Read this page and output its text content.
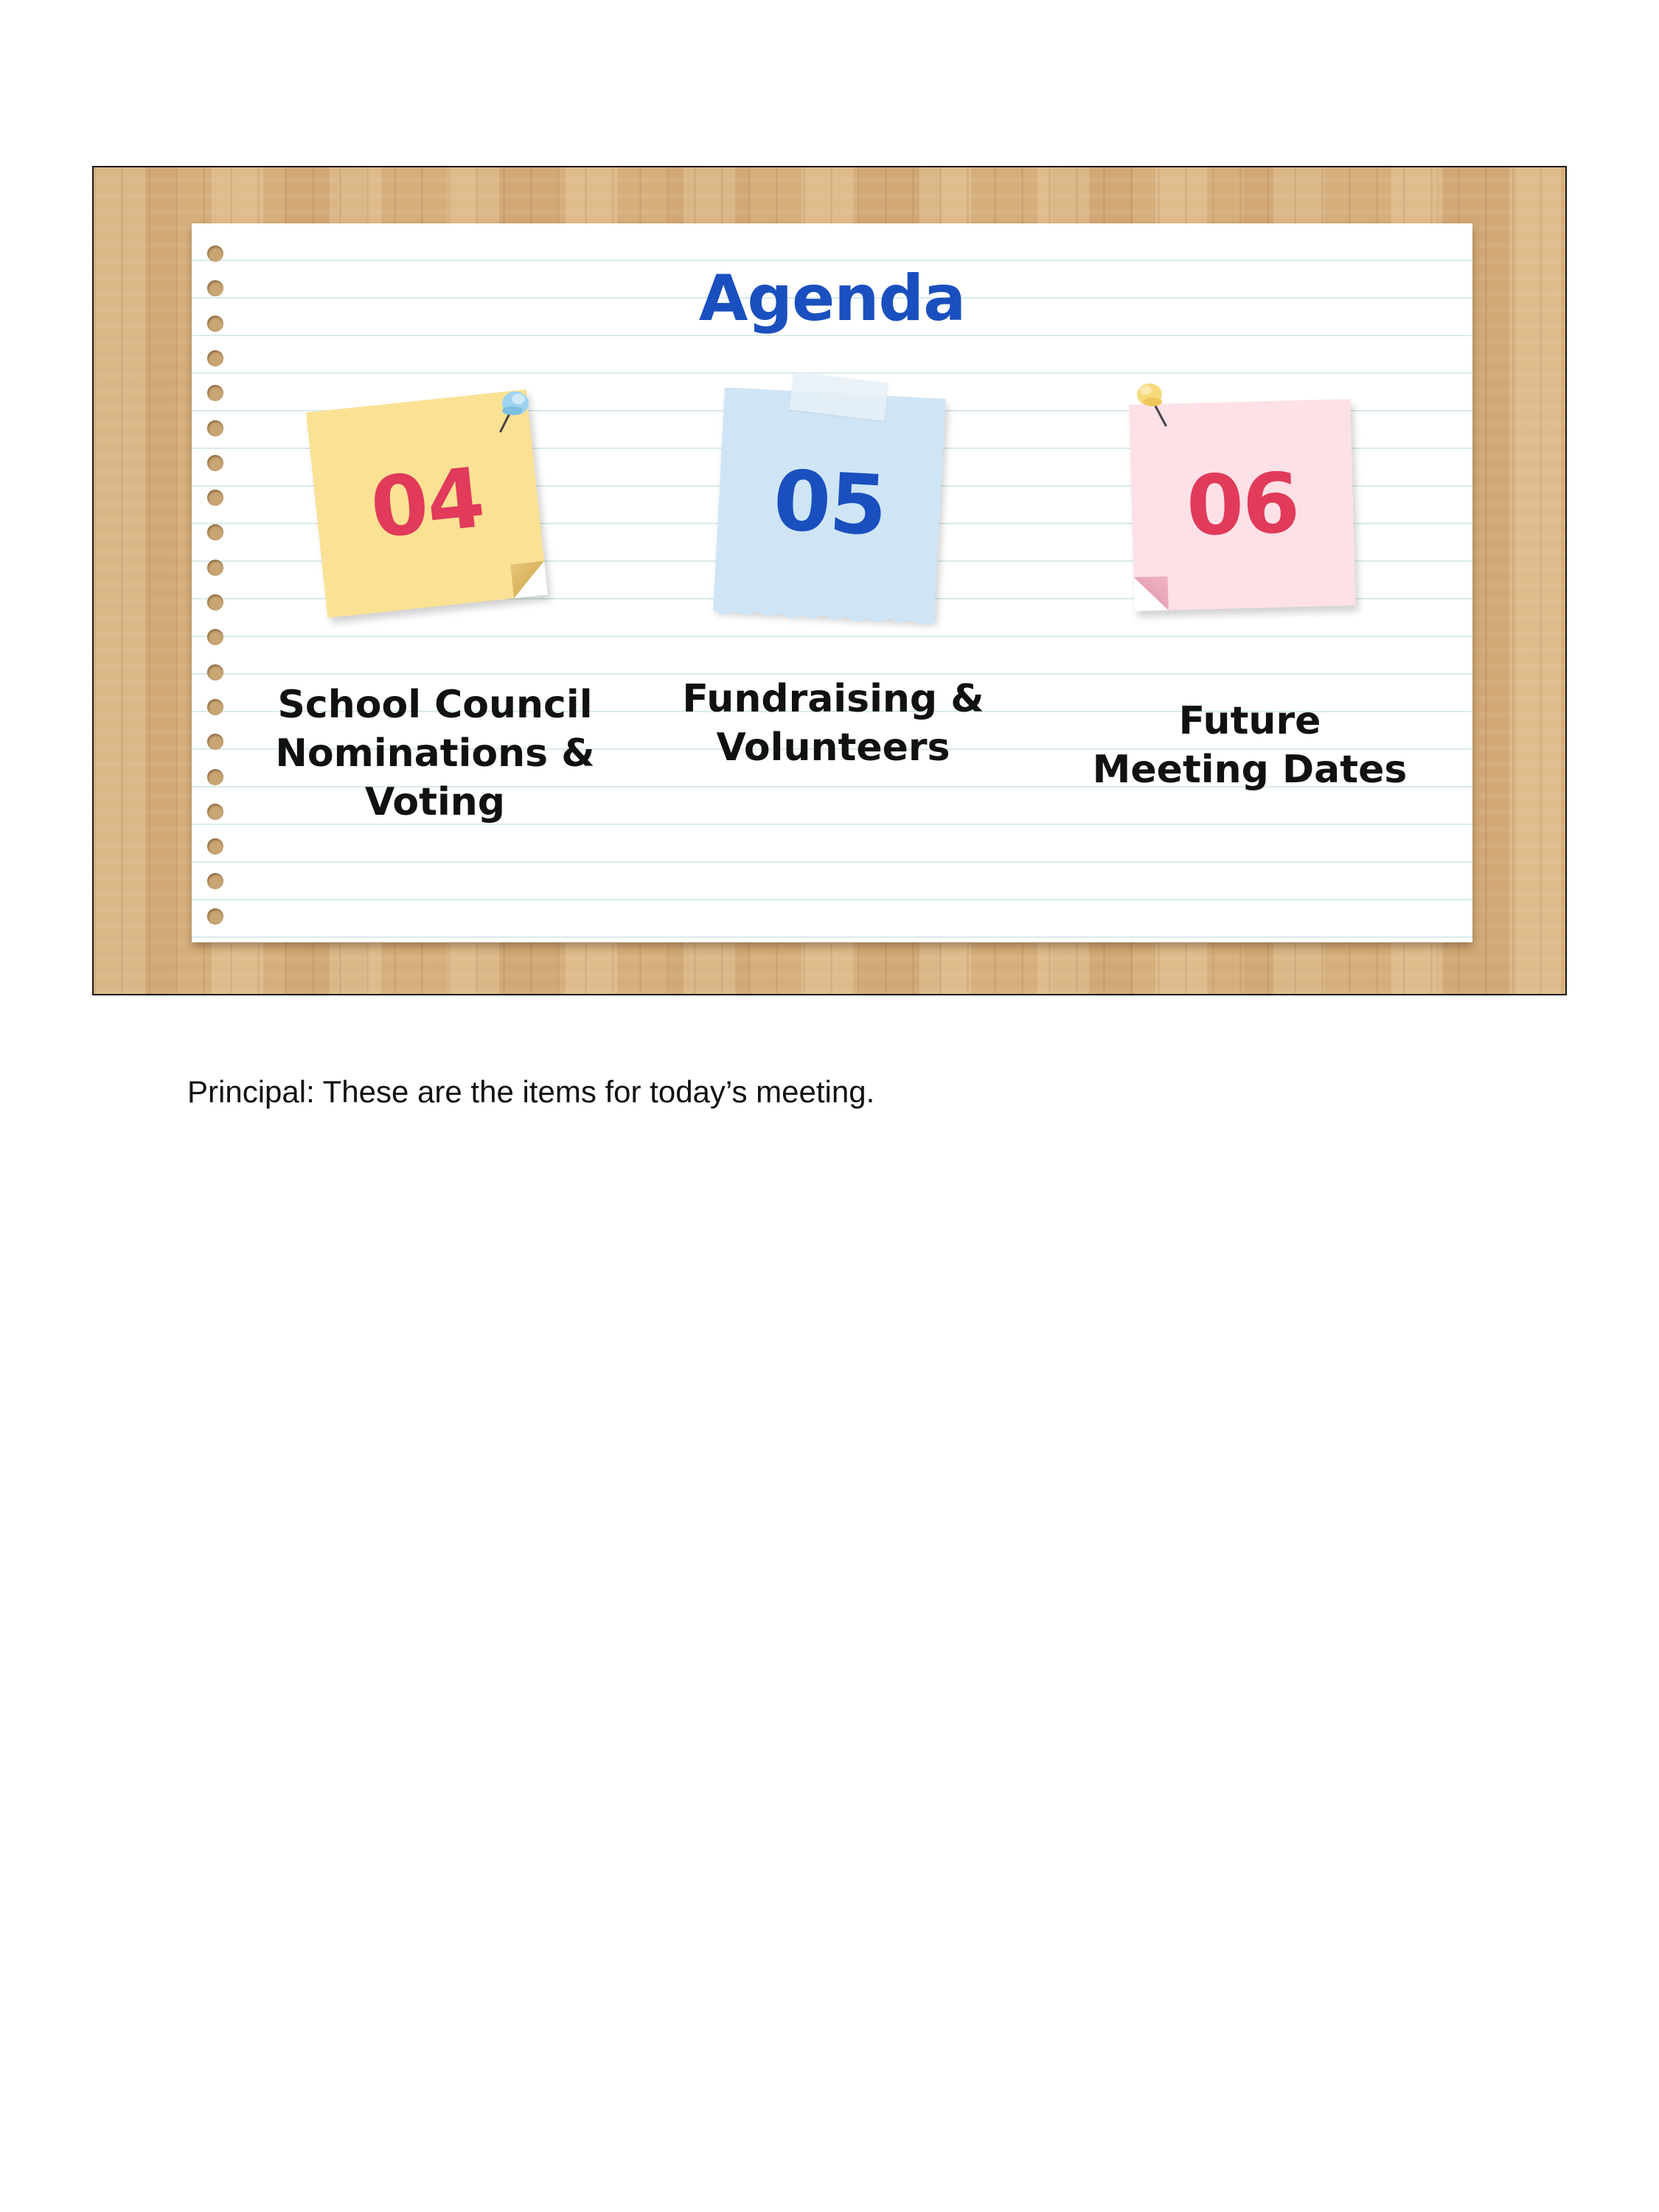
Agenda
04	05	06
School Council
Nominations &
Voting
Fundraising &
Volunteers
Future
Meeting Dates
Principal: These are the items for today’s meeting.
